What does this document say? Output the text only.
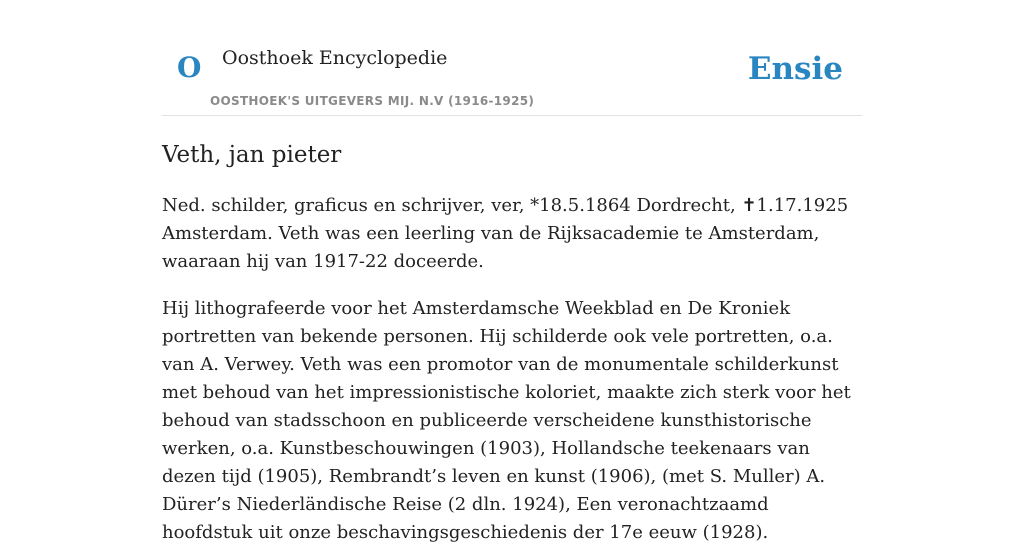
O Oosthoek Encyclopedie
OOSTHOEK'S UITGEVERS MIJ. N.V (1916-1925)
Ensie
Veth, jan pieter

Ned. schilder, graficus en schrijver, ver, *18.5.1864 Dordrecht, ✝1.17.1925 Amsterdam. Veth was een leerling van de Rijksacademie te Amsterdam, waaraan hij van 1917-22 doceerde.

Hij lithografeerde voor het Amsterdamsche Weekblad en De Kroniek portretten van bekende personen. Hij schilderde ook vele portretten, o.a. van A. Verwey. Veth was een promotor van de monumentale schilderkunst met behoud van het impressionistische koloriet, maakte zich sterk voor het behoud van stadsschoon en publiceerde verscheidene kunsthistorische werken, o.a. Kunstbeschouwingen (1903), Hollandsche teekenaars van dezen tijd (1905), Rembrandt’s leven en kunst (1906), (met S. Muller) A. Dürer’s Niederländische Reise (2 dln. 1924), Een veronachtzaamd hoofdstuk uit onze beschavingsgeschiedenis der 17e eeuw (1928).
